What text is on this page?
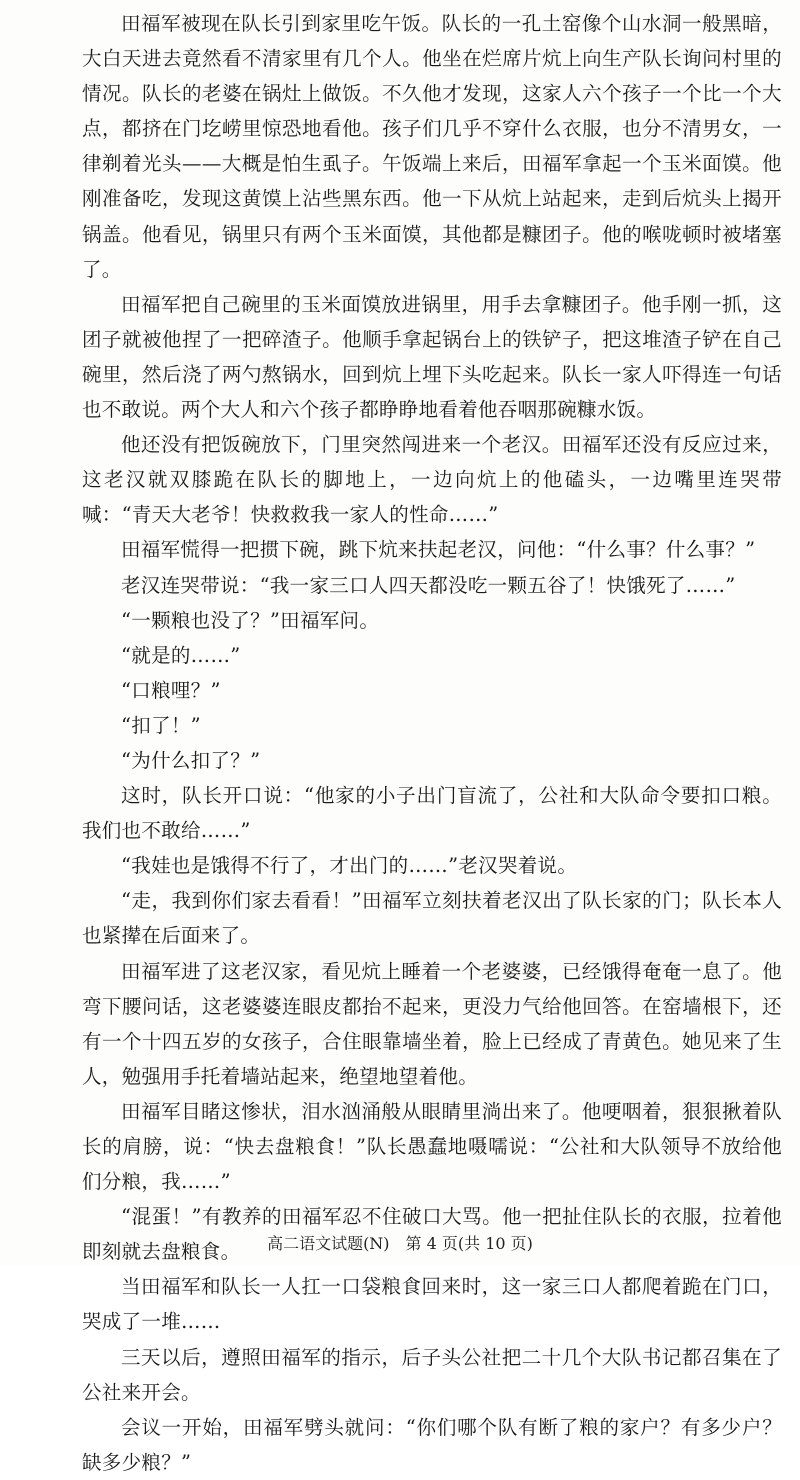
田福军被现在队长引到家里吃午饭。队长的一孔土窑像个山水洞一般黑暗，大白天进去竟然看不清家里有几个人。他坐在烂席片炕上向生产队长询问村里的情况。队长的老婆在锅灶上做饭。不久他才发现，这家人六个孩子一个比一个大点，都挤在门圪崂里惊恐地看他。孩子们几乎不穿什么衣服，也分不清男女，一律剃着光头——大概是怕生虱子。午饭端上来后，田福军拿起一个玉米面馍。他刚准备吃，发现这黄馍上沾些黑东西。他一下从炕上站起来，走到后炕头上揭开锅盖。他看见，锅里只有两个玉米面馍，其他都是糠团子。他的喉咙顿时被堵塞了。

田福军把自己碗里的玉米面馍放进锅里，用手去拿糠团子。他手刚一抓，这团子就被他捏了一把碎渣子。他顺手拿起锅台上的铁铲子，把这堆渣子铲在自己碗里，然后浇了两勺熬锅水，回到炕上埋下头吃起来。队长一家人吓得连一句话也不敢说。两个大人和六个孩子都睁睁地看着他吞咽那碗糠水饭。

他还没有把饭碗放下，门里突然闯进来一个老汉。田福军还没有反应过来，这老汉就双膝跪在队长的脚地上，一边向炕上的他磕头，一边嘴里连哭带喊：“青天大老爷！快救救我一家人的性命……”

田福军慌得一把掼下碗，跳下炕来扶起老汉，问他：“什么事？什么事？”

老汉连哭带说：“我一家三口人四天都没吃一颗五谷了！快饿死了……”

“一颗粮也没了？”田福军问。

“就是的……”

“口粮哩？”

“扣了！”

“为什么扣了？”

这时，队长开口说：“他家的小子出门盲流了，公社和大队命令要扣口粮。我们也不敢给……”

“我娃也是饿得不行了，才出门的……”老汉哭着说。

“走，我到你们家去看看！”田福军立刻扶着老汉出了队长家的门；队长本人也紧撵在后面来了。

田福军进了这老汉家，看见炕上睡着一个老婆婆，已经饿得奄奄一息了。他弯下腰问话，这老婆婆连眼皮都抬不起来，更没力气给他回答。在窑墙根下，还有一个十四五岁的女孩子，合住眼靠墙坐着，脸上已经成了青黄色。她见来了生人，勉强用手托着墙站起来，绝望地望着他。

田福军目睹这惨状，泪水汹涌般从眼睛里淌出来了。他哽咽着，狠狠揪着队长的肩膀，说：“快去盘粮食！”队长愚蠢地嗫嚅说：“公社和大队领导不放给他们分粮，我……”

“混蛋！”有教养的田福军忍不住破口大骂。他一把扯住队长的衣服，拉着他即刻就去盘粮食。

当田福军和队长一人扛一口袋粮食回来时，这一家三口人都爬着跪在门口，哭成了一堆……

三天以后，遵照田福军的指示，后子头公社把二十几个大队书记都召集在了公社来开会。

会议一开始，田福军劈头就问：“你们哪个队有断了粮的家户？有多少户？缺多少粮？”

高二语文试题(N)　第 4 页(共 10 页)
